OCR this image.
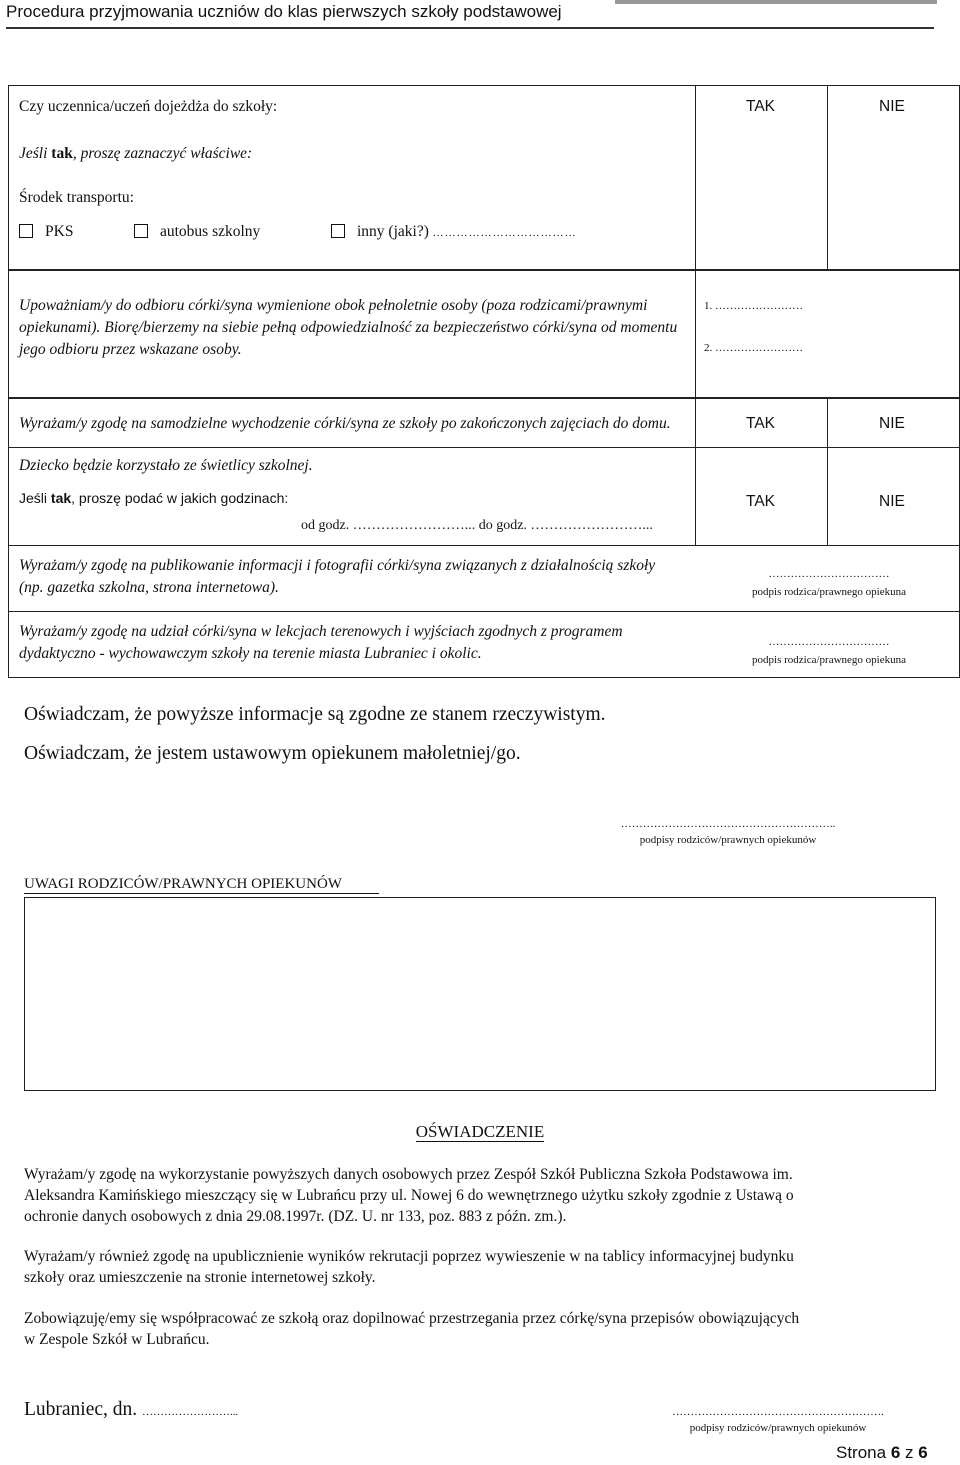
Procedura przyjmowania uczniów do klas pierwszych szkoły podstawowej
Czy uczennica/uczeń dojeżdża do szkoły:	TAK	NIE
Jeśli tak, proszę zaznaczyć właściwe:
Środek transportu:
PKS	autobus szkolny	inny (jaki?) ………………………………
Upoważniam/y do odbioru córki/syna wymienione obok pełnoletnie osoby (poza rodzicami/prawnymi
opiekunami). Biorę/bierzemy na siebie pełną odpowiedzialność za bezpieczeństwo córki/syna od momentu
jego odbioru przez wskazane osoby.
1. ……………………
2. ……………………
Wyrażam/y zgodę na samodzielne wychodzenie córki/syna ze szkoły po zakończonych zajęciach do domu.	TAK	NIE
Dziecko będzie korzystało ze świetlicy szkolnej.
Jeśli tak, proszę podać w jakich godzinach:	TAK	NIE
od godz. ……………………... do godz. ……………………...
Wyrażam/y zgodę na publikowanie informacji i fotografii córki/syna związanych z działalnością szkoły
(np. gazetka szkolna, strona internetowa).
……………………………
podpis rodzica/prawnego opiekuna
Wyrażam/y zgodę na udział córki/syna w lekcjach terenowych i wyjściach zgodnych z programem
dydaktyczno - wychowawczym szkoły na terenie miasta Lubraniec i okolic.
……………………………
podpis rodzica/prawnego opiekuna
Oświadczam, że powyższe informacje są zgodne ze stanem rzeczywistym.
Oświadczam, że jestem ustawowym opiekunem małoletniej/go.
…………………………………………………..
podpisy rodziców/prawnych opiekunów
UWAGI RODZICÓW/PRAWNYCH OPIEKUNÓW
OŚWIADCZENIE
Wyrażam/y zgodę na wykorzystanie powyższych danych osobowych przez Zespół Szkół Publiczna Szkoła Podstawowa im.
Aleksandra Kamińskiego mieszczący się w Lubrańcu przy ul. Nowej 6 do wewnętrznego użytku szkoły zgodnie z Ustawą o
ochronie danych osobowych z dnia 29.08.1997r. (DZ. U. nr 133, poz. 883 z późn. zm.).
Wyrażam/y również zgodę na upublicznienie wyników rekrutacji poprzez wywieszenie w na tablicy informacyjnej budynku
szkoły oraz umieszczenie na stronie internetowej szkoły.
Zobowiązuję/emy się współpracować ze szkołą oraz dopilnować przestrzegania przez córkę/syna przepisów obowiązujących
w Zespole Szkół w Lubrańcu.
Lubraniec, dn. ……………………...	………………………………………………….
podpisy rodziców/prawnych opiekunów
Strona 6 z 6
